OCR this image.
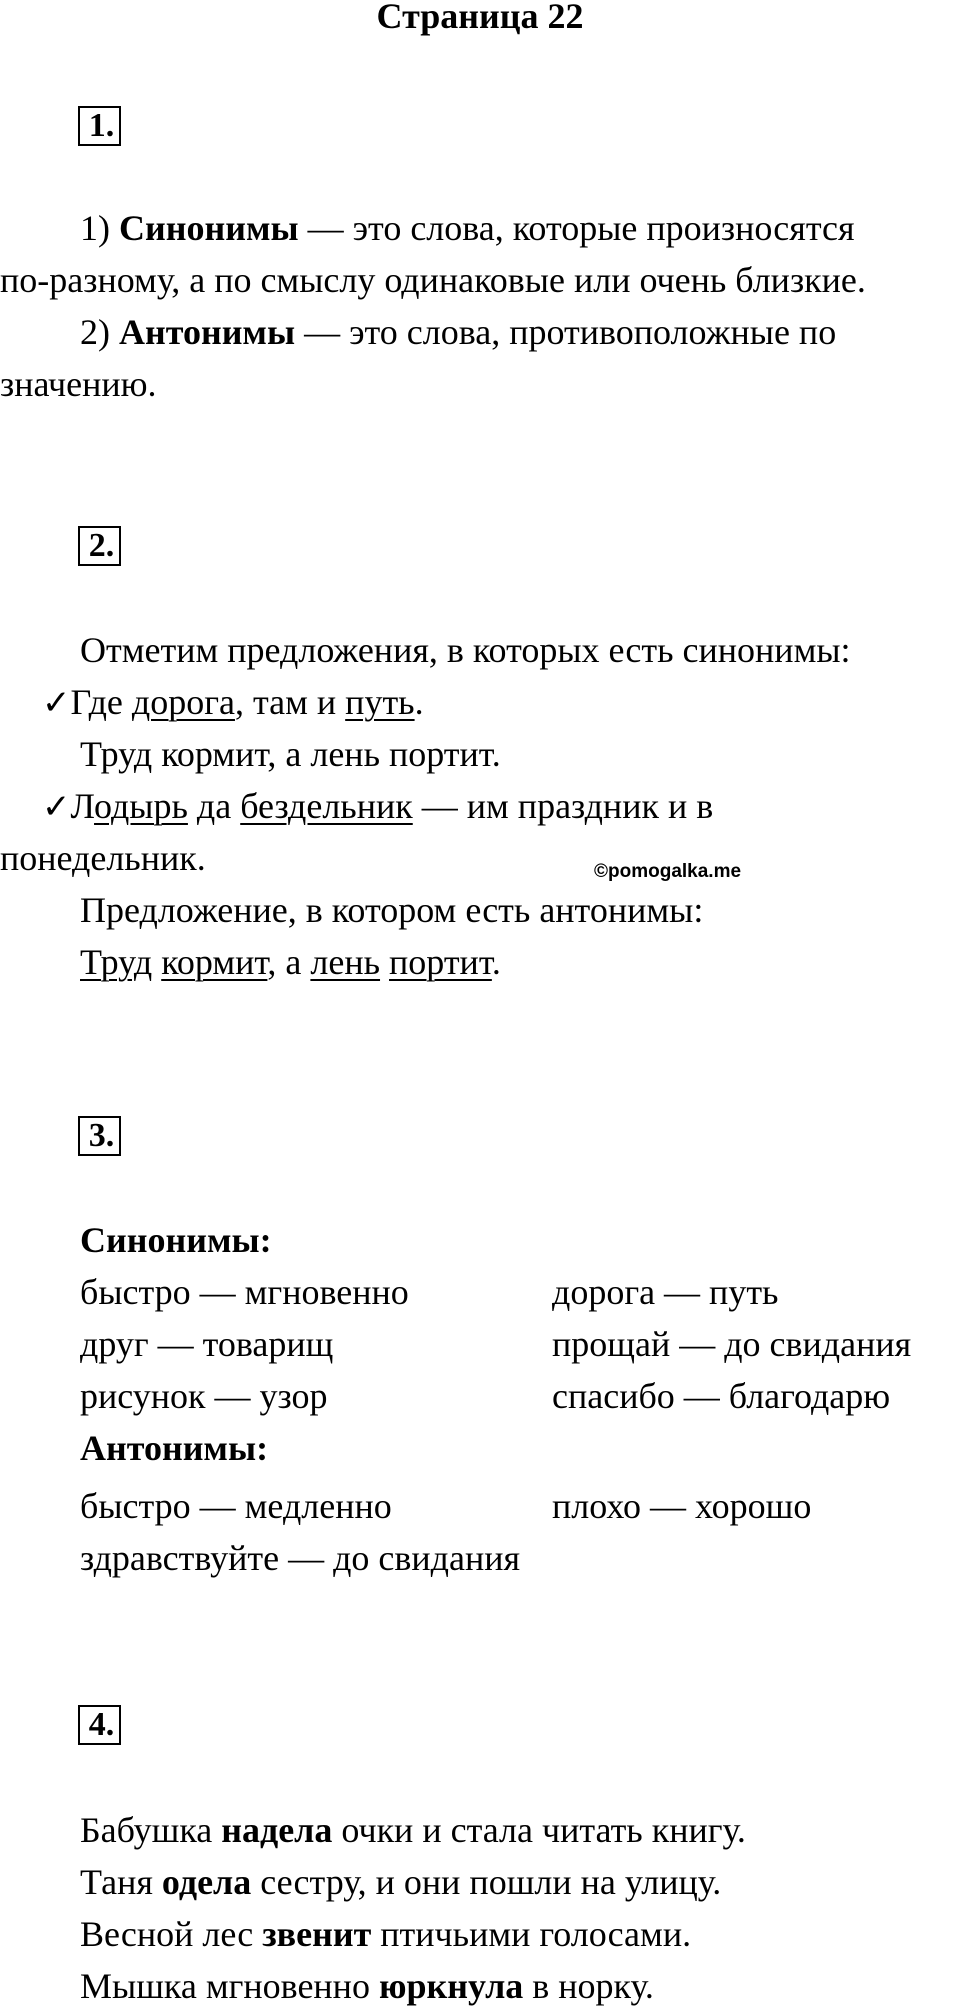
Страница 22
1.
1) Синонимы — это слова, которые произносятся
по-разному, а по смыслу одинаковые или очень близкие.
2) Антонимы — это слова, противоположные по
значению.
2.
Отметим предложения, в которых есть синонимы:
✓Где дорога, там и путь.
Труд кормит, а лень портит.
✓Лодырь да бездельник — им праздник и в
понедельник.	©pomogalka.me
Предложение, в котором есть антонимы:
Труд кормит, а лень портит.
3.
Синонимы:
быстро — мгновенно	дорога — путь
друг — товарищ	прощай — до свидания
рисунок — узор	спасибо — благодарю
Антонимы:
быстро — медленно	плохо — хорошо
здравствуйте — до свидания
4.
Бабушка надела очки и стала читать книгу.
Таня одела сестру, и они пошли на улицу.
Весной лес звенит птичьими голосами.
Мышка мгновенно юркнула в норку.
